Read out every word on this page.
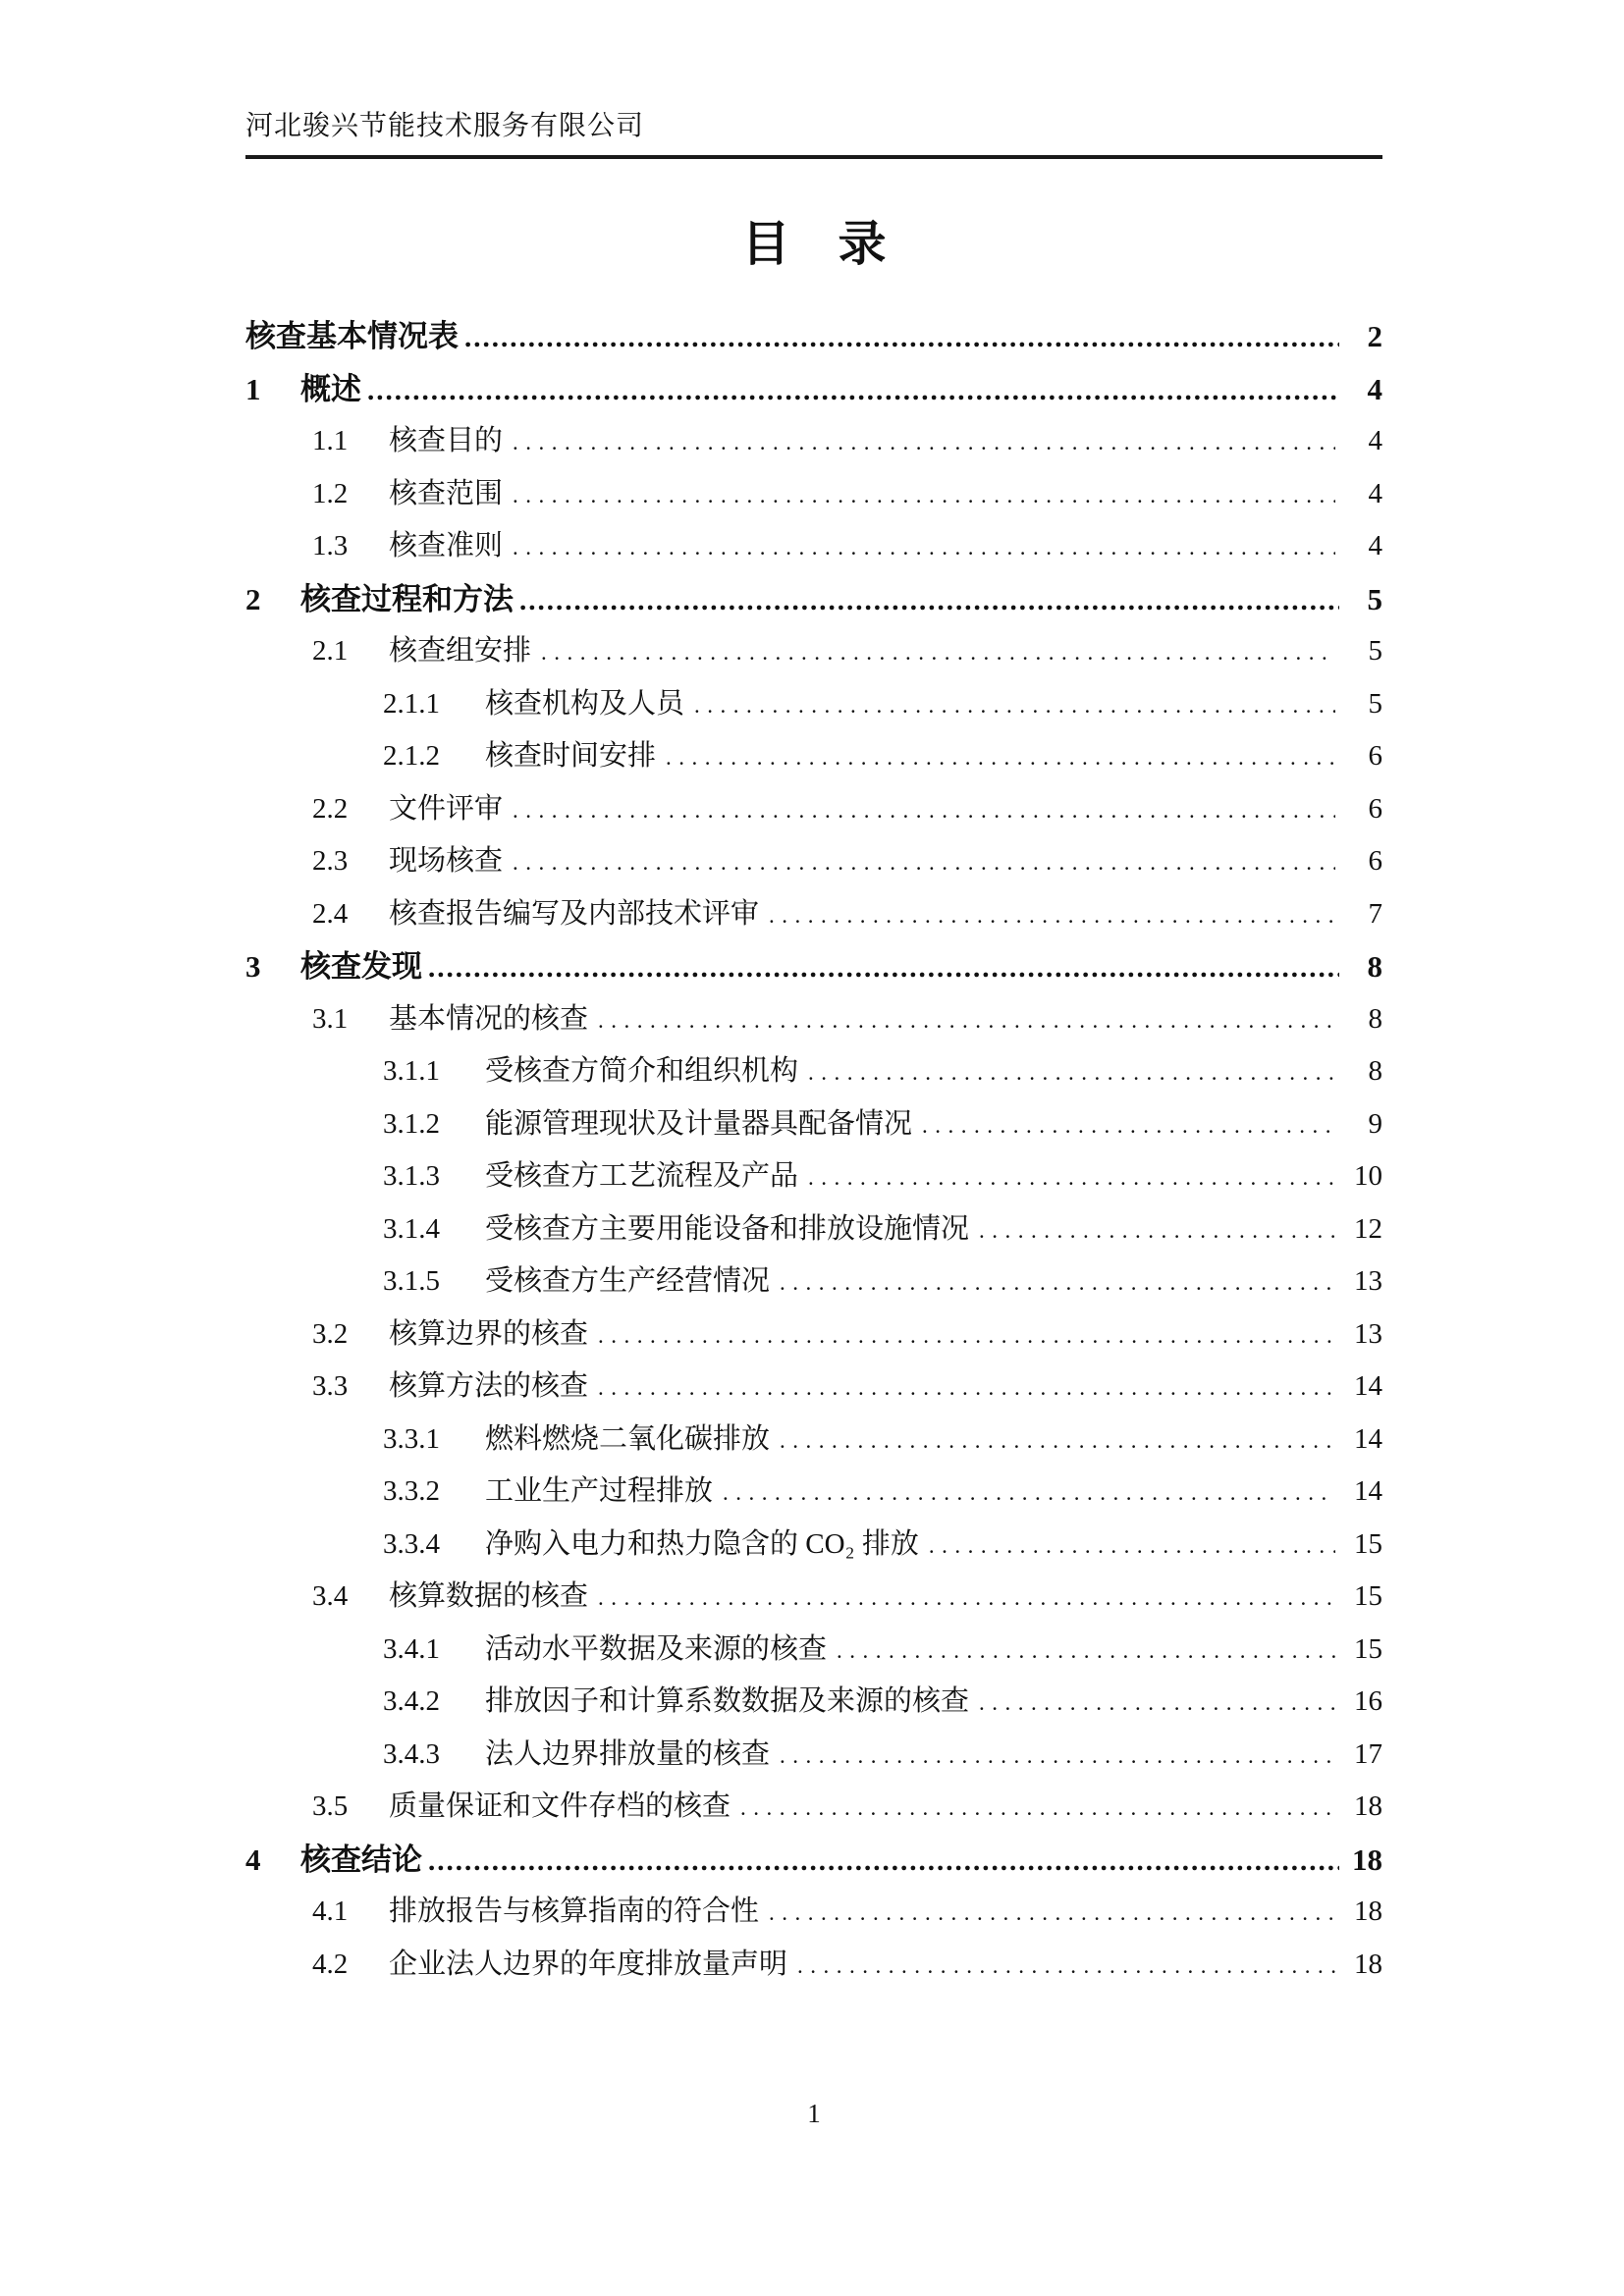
河北骏兴节能技术服务有限公司
目　录
核查基本情况表 .....	2
1	概述 .....	4
1.1	核查目的 .....	4
1.2	核查范围 .....	4
1.3	核查准则 .....	4
2	核查过程和方法 .....	5
2.1	核查组安排 .....	5
2.1.1	核查机构及人员 .....	5
2.1.2	核查时间安排 .....	6
2.2	文件评审 .....	6
2.3	现场核查 .....	6
2.4	核查报告编写及内部技术评审 .....	7
3	核查发现 .....	8
3.1	基本情况的核查 .....	8
3.1.1	受核查方简介和组织机构 .....	8
3.1.2	能源管理现状及计量器具配备情况 .....	9
3.1.3	受核查方工艺流程及产品 .....	10
3.1.4	受核查方主要用能设备和排放设施情况 .....	12
3.1.5	受核查方生产经营情况 .....	13
3.2	核算边界的核查 .....	13
3.3	核算方法的核查 .....	14
3.3.1	燃料燃烧二氧化碳排放 .....	14
3.3.2	工业生产过程排放 .....	14
3.3.4	净购入电力和热力隐含的 CO₂ 排放 .....	15
3.4	核算数据的核查 .....	15
3.4.1	活动水平数据及来源的核查 .....	15
3.4.2	排放因子和计算系数数据及来源的核查 .....	16
3.4.3	法人边界排放量的核查 .....	17
3.5	质量保证和文件存档的核查 .....	18
4	核查结论 .....	18
4.1	排放报告与核算指南的符合性 .....	18
4.2	企业法人边界的年度排放量声明 .....	18
1
